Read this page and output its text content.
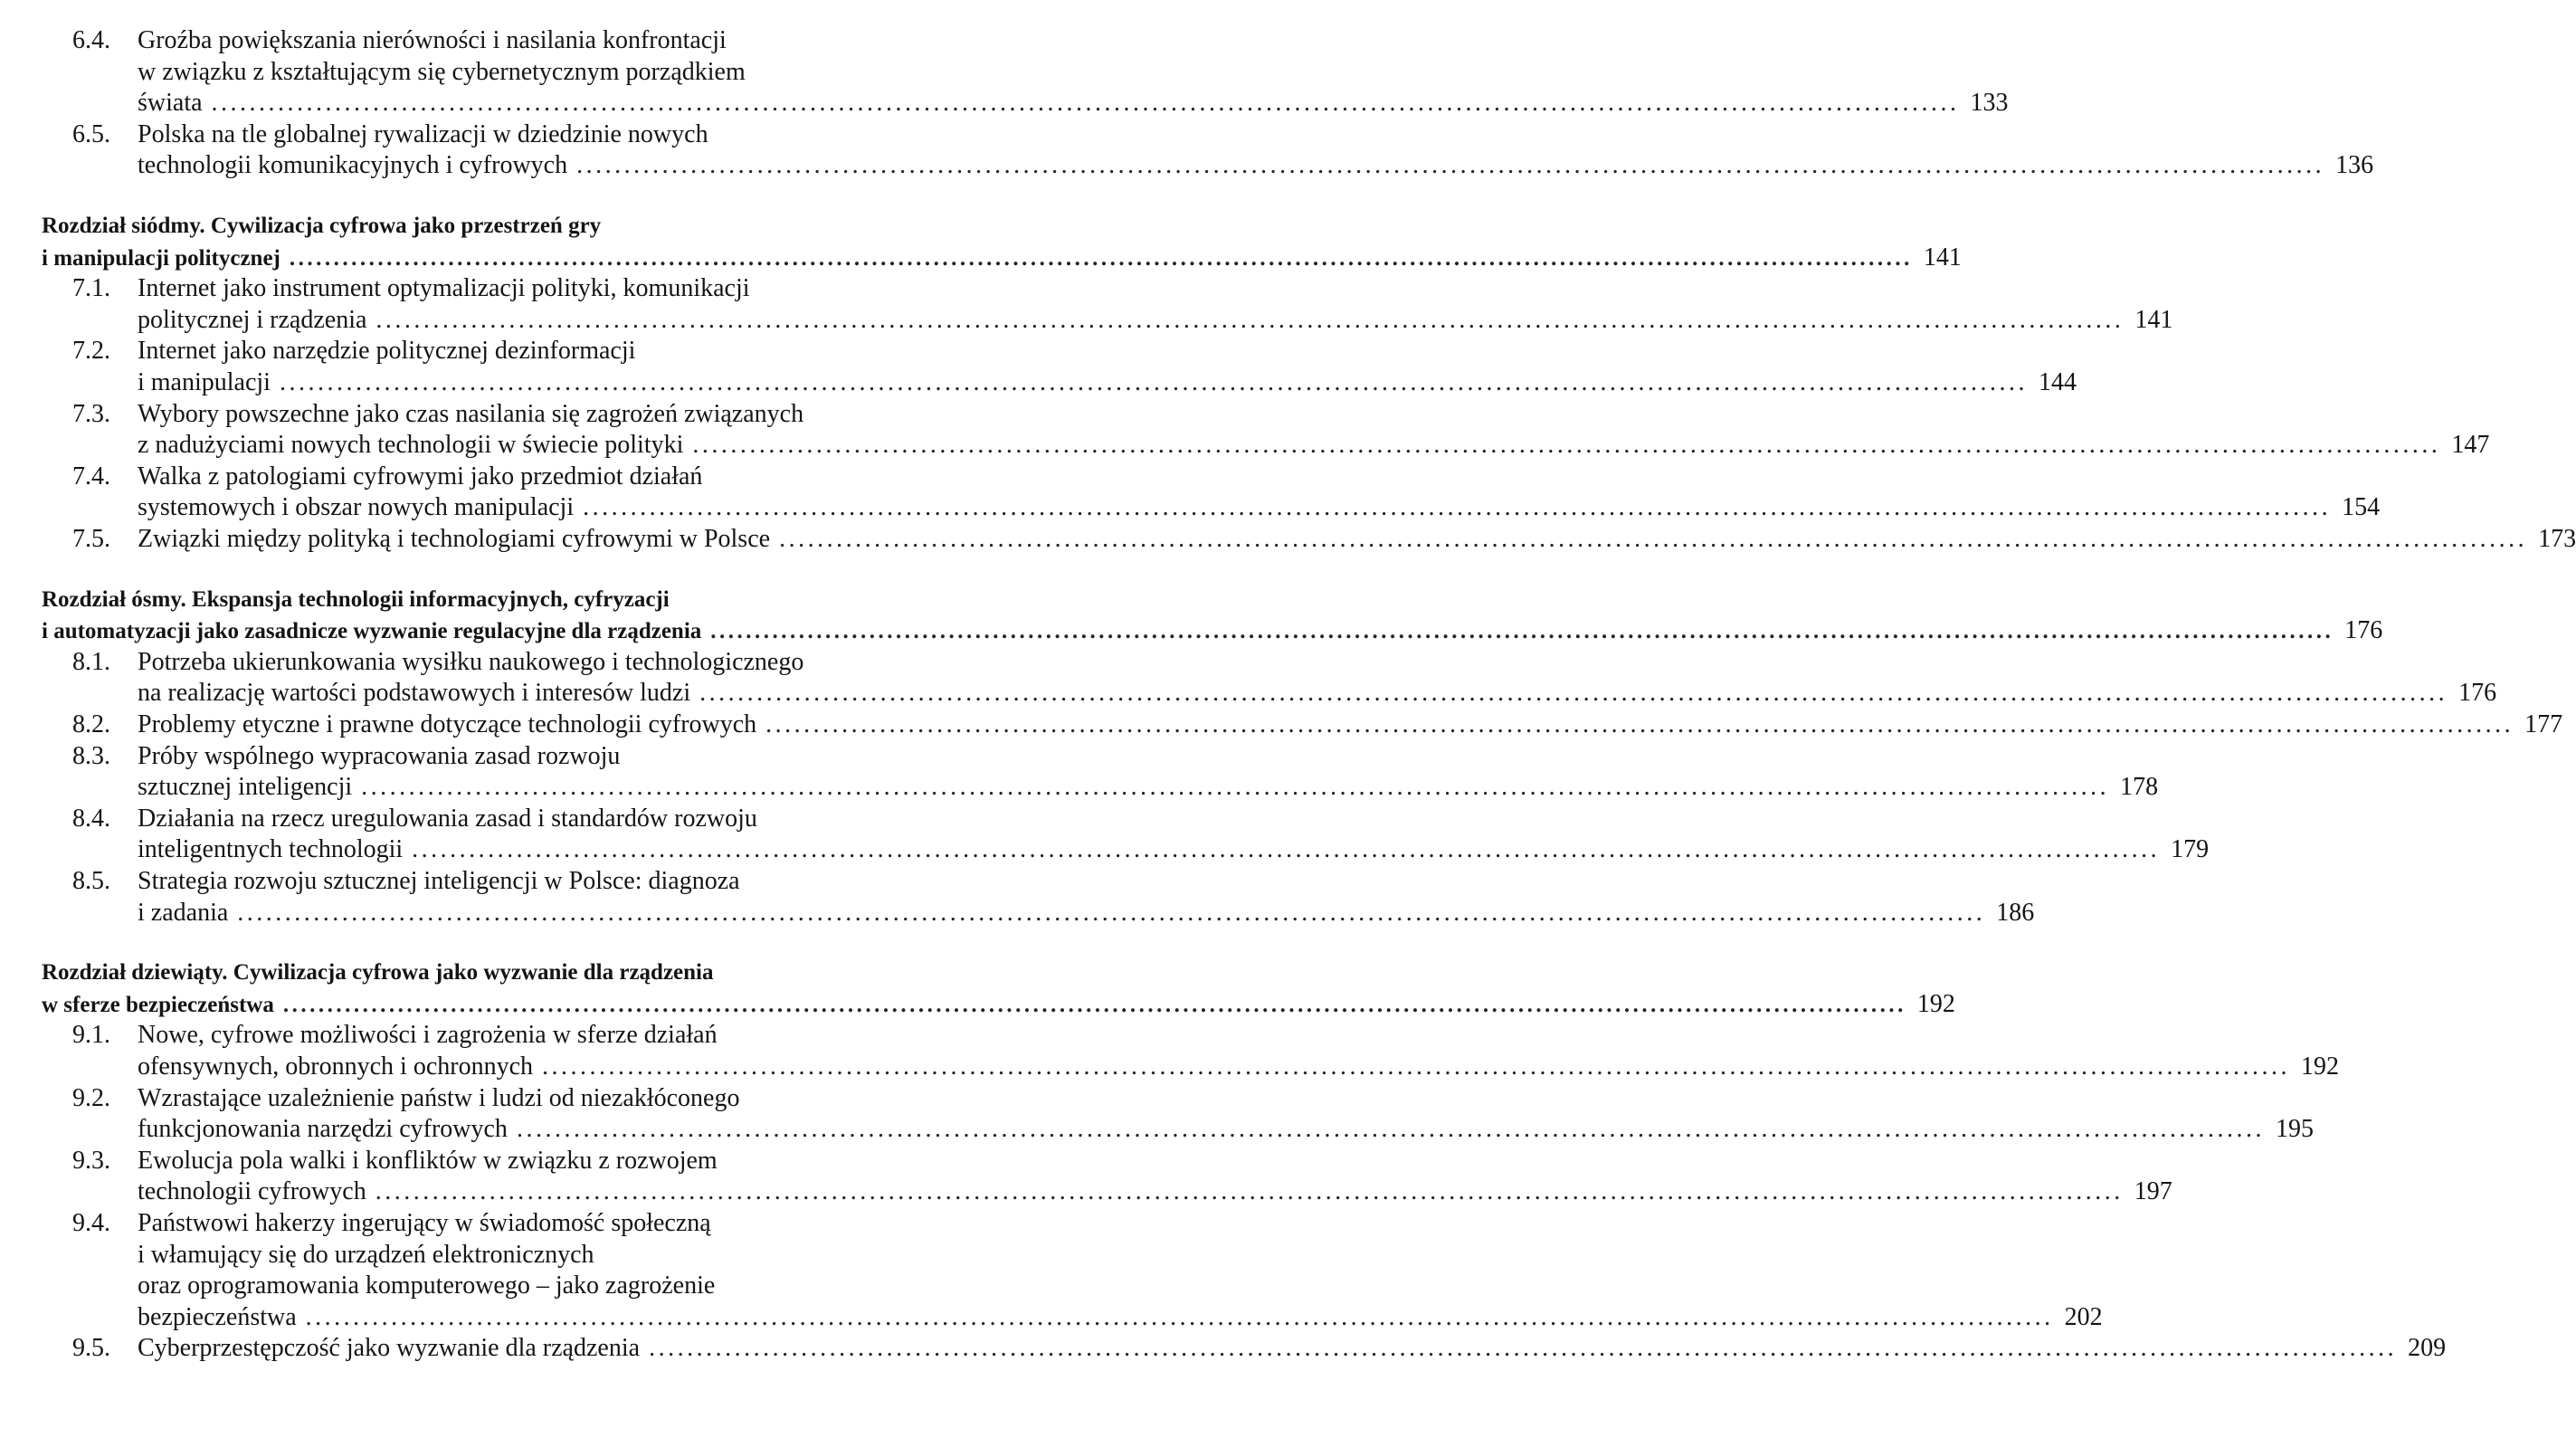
6.4. Groźba powiększania nierówności i nasilania konfrontacji
w związku z kształtującym się cybernetycznym porządkiem
świata ........................................................................................................................................................................................ 133
6.5. Polska na tle globalnej rywalizacji w dziedzinie nowych
technologii komunikacyjnych i cyfrowych ........................................................................................................................................................................................ 136
Rozdział siódmy. Cywilizacja cyfrowa jako przestrzeń gry
i manipulacji politycznej ........................................................................................................................................................................................ 141
7.1. Internet jako instrument optymalizacji polityki, komunikacji
politycznej i rządzenia ........................................................................................................................................................................................ 141
7.2. Internet jako narzędzie politycznej dezinformacji
i manipulacji ........................................................................................................................................................................................ 144
7.3. Wybory powszechne jako czas nasilania się zagrożeń związanych
z nadużyciami nowych technologii w świecie polityki ........................................................................................................................................................................................ 147
7.4. Walka z patologiami cyfrowymi jako przedmiot działań
systemowych i obszar nowych manipulacji ........................................................................................................................................................................................ 154
7.5. Związki między polityką i technologiami cyfrowymi w Polsce ........................................................................................................................................................................................ 173
Rozdział ósmy. Ekspansja technologii informacyjnych, cyfryzacji
i automatyzacji jako zasadnicze wyzwanie regulacyjne dla rządzenia ........................................................................................................................................................................................ 176
8.1. Potrzeba ukierunkowania wysiłku naukowego i technologicznego
na realizację wartości podstawowych i interesów ludzi ........................................................................................................................................................................................ 176
8.2. Problemy etyczne i prawne dotyczące technologii cyfrowych ........................................................................................................................................................................................ 177
8.3. Próby wspólnego wypracowania zasad rozwoju
sztucznej inteligencji ........................................................................................................................................................................................ 178
8.4. Działania na rzecz uregulowania zasad i standardów rozwoju
inteligentnych technologii ........................................................................................................................................................................................ 179
8.5. Strategia rozwoju sztucznej inteligencji w Polsce: diagnoza
i zadania ........................................................................................................................................................................................ 186
Rozdział dziewiąty. Cywilizacja cyfrowa jako wyzwanie dla rządzenia
w sferze bezpieczeństwa ........................................................................................................................................................................................ 192
9.1. Nowe, cyfrowe możliwości i zagrożenia w sferze działań
ofensywnych, obronnych i ochronnych ........................................................................................................................................................................................ 192
9.2. Wzrastające uzależnienie państw i ludzi od niezakłóconego
funkcjonowania narzędzi cyfrowych ........................................................................................................................................................................................ 195
9.3. Ewolucja pola walki i konfliktów w związku z rozwojem
technologii cyfrowych ........................................................................................................................................................................................ 197
9.4. Państwowi hakerzy ingerujący w świadomość społeczną
i włamujący się do urządzeń elektronicznych
oraz oprogramowania komputerowego – jako zagrożenie
bezpieczeństwa ........................................................................................................................................................................................ 202
9.5. Cyberprzestępczość jako wyzwanie dla rządzenia ........................................................................................................................................................................................ 209
